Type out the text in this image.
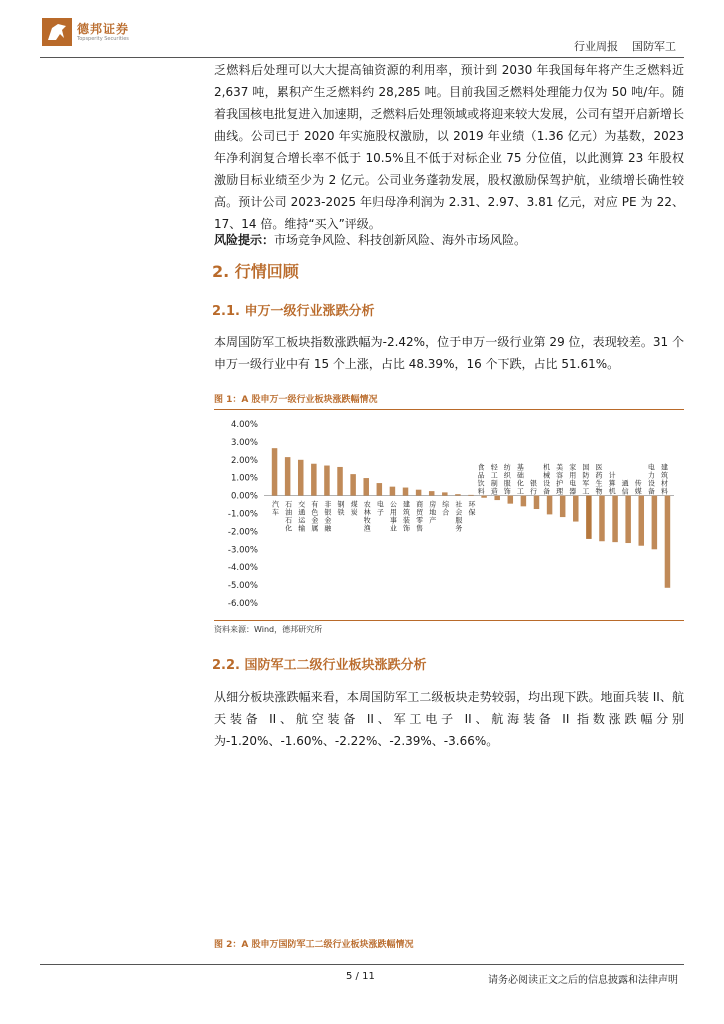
德邦证券
Topsperity Securities
行业周报 国防军工
乏燃料后处理可以大大提高铀资源的利用率，预计到 2030 年我国每年将产生乏燃料近 2,637 吨，累积产生乏燃料约 28,285 吨。目前我国乏燃料处理能力仅为 50 吨/年。随着我国核电批复进入加速期，乏燃料后处理领域或将迎来较大发展，公司有望开启新增长曲线。公司已于 2020 年实施股权激励，以 2019 年业绩（1.36 亿元）为基数，2023 年净利润复合增长率不低于 10.5%且不低于对标企业 75 分位值，以此测算 23 年股权激励目标业绩至少为 2 亿元。公司业务蓬勃发展，股权激励保驾护航，业绩增长确性较高。预计公司 2023-2025 年归母净利润为 2.31、2.97、3.81 亿元，对应 PE 为 22、17、14 倍。维持“买入”评级。
风险提示：市场竞争风险、科技创新风险、海外市场风险。
2. 行情回顾
2.1. 申万一级行业涨跌分析
本周国防军工板块指数涨跌幅为-2.42%，位于申万一级行业第 29 位，表现较差。31 个申万一级行业中有 15 个上涨，占比 48.39%，16 个下跌，占比 51.61%。
图 1：A 股申万一级行业板块涨跌幅情况
4.00%
3.00%
2.00%
1.00%
0.00%
-1.00%
-2.00%
-3.00%
-4.00%
-5.00%
-6.00%
汽车
石油石化
交通运输
有色金属
非银金融
钢铁
煤炭
农林牧渔
电子
公用事业
建筑装饰
商贸零售
房地产
综合
社会服务
环保
食品饮料
轻工制造
纺织服饰
基础化工
银行
机械设备
美容护理
家用电器
国防军工
医药生物
计算机
通信
传媒
电力设备
建筑材料
资料来源：Wind，德邦研究所
2.2. 国防军工二级行业板块涨跌分析
从细分板块涨跌幅来看，本周国防军工二级板块走势较弱，均出现下跌。地面兵装 II、航天装备 II、航空装备 II、军工电子 II、航海装备 II 指数涨跌幅分别为-1.20%、-1.60%、-2.22%、-2.39%、-3.66%。
图 2：A 股申万国防军工二级行业板块涨跌幅情况
5 / 11	请务必阅读正文之后的信息披露和法律声明
